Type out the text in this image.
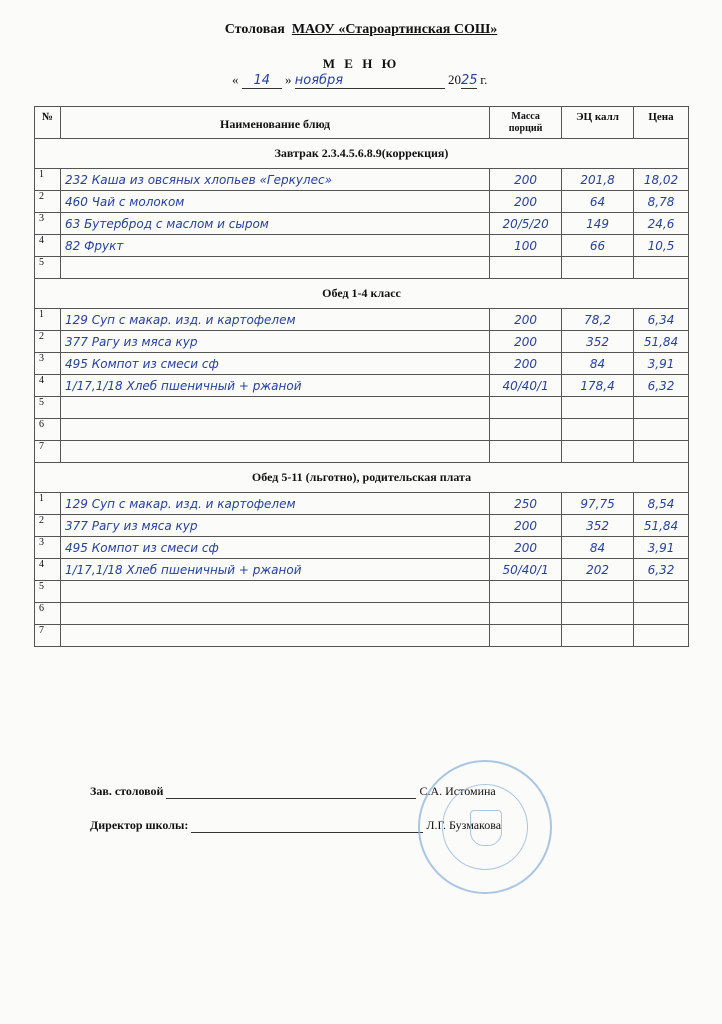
Столовая МАОУ «Староартинская СОШ»
М Е Н Ю
« 14 » ноября	2025 г.
№	Наименование блюд	Масса порций	ЭЦ калл	Цена
Завтрак 2.3.4.5.6.8.9(коррекция)				
1	232 Каша из овсяных хлопьев «Геркулес»	200	201,8	18,02
2	460 Чай с молоком	200	64	8,78
3	63 Бутерброд с маслом и сыром	20/5/20	149	24,6
4	82 Фрукт	100	66	10,5
5				
Обед 1-4 класс				
1	129 Суп с макар. изд. и картофелем	200	78,2	6,34
2	377 Рагу из мяса кур	200	352	51,84
3	495 Компот из смеси сф	200	84	3,91
4	1/17,1/18 Хлеб пшеничный + ржаной	40/40/1	178,4	6,32
5				
6				
7				
Обед 5-11 (льготно), родительская плата				
1	129 Суп с макар. изд. и картофелем	250	97,75	8,54
2	377 Рагу из мяса кур	200	352	51,84
3	495 Компот из смеси сф	200	84	3,91
4	1/17,1/18 Хлеб пшеничный + ржаной	50/40/1	202	6,32
5				
6				
7				
Зав. столовой	С.А. Истомина
Директор школы:	Л.Г. Бузмакова
